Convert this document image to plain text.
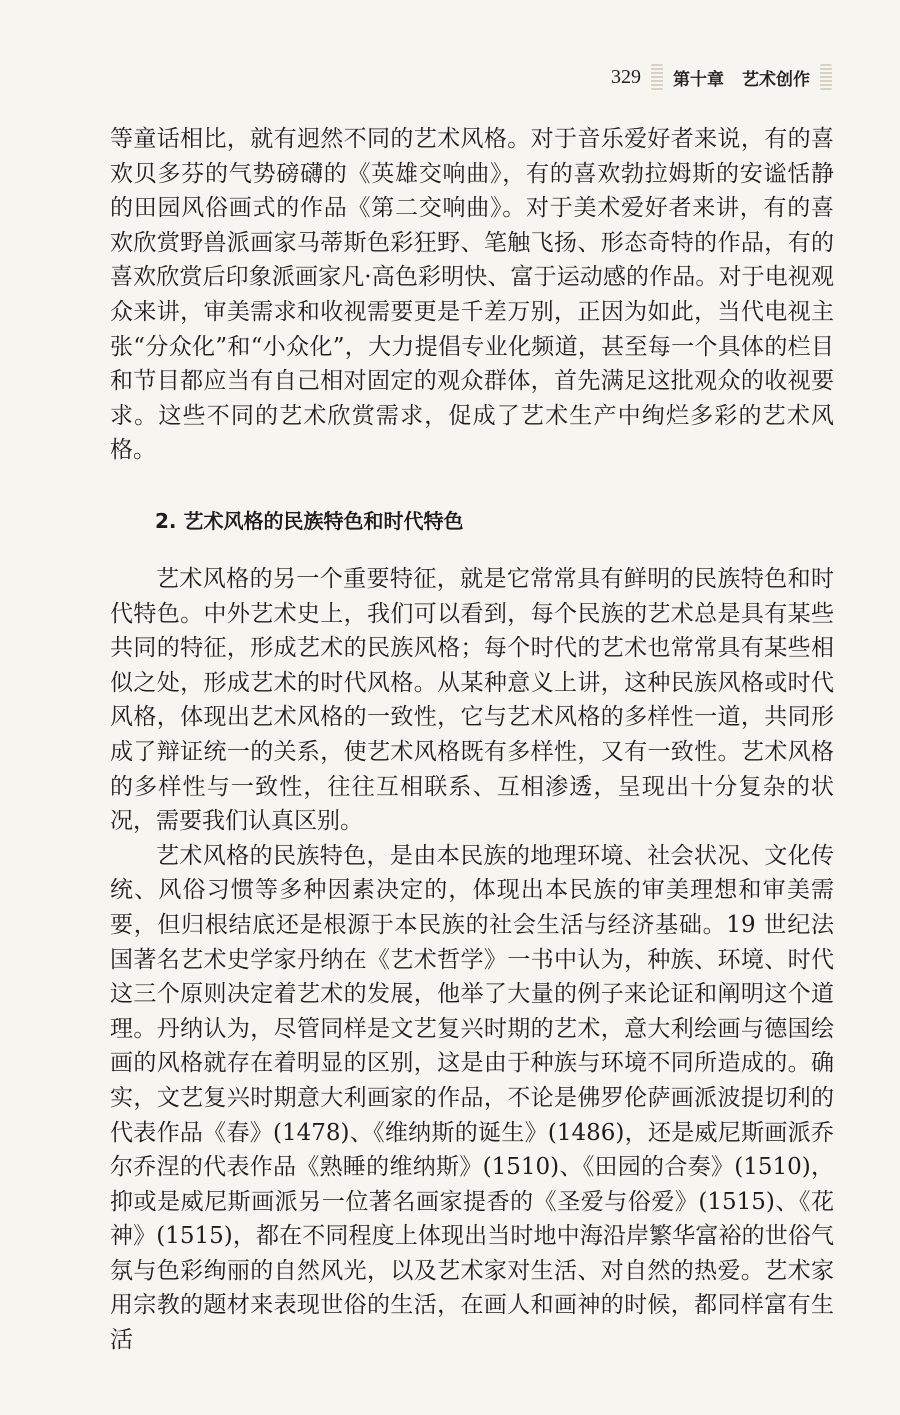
329 第十章 艺术创作

等童话相比，就有迥然不同的艺术风格。对于音乐爱好者来说，有的喜欢贝多芬的气势磅礴的《英雄交响曲》，有的喜欢勃拉姆斯的安谧恬静的田园风俗画式的作品《第二交响曲》。对于美术爱好者来讲，有的喜欢欣赏野兽派画家马蒂斯色彩狂野、笔触飞扬、形态奇特的作品，有的喜欢欣赏后印象派画家凡·高色彩明快、富于运动感的作品。对于电视观众来讲，审美需求和收视需要更是千差万别，正因为如此，当代电视主张“分众化”和“小众化”，大力提倡专业化频道，甚至每一个具体的栏目和节目都应当有自己相对固定的观众群体，首先满足这批观众的收视要求。这些不同的艺术欣赏需求，促成了艺术生产中绚烂多彩的艺术风格。

2. 艺术风格的民族特色和时代特色

艺术风格的另一个重要特征，就是它常常具有鲜明的民族特色和时代特色。中外艺术史上，我们可以看到，每个民族的艺术总是具有某些共同的特征，形成艺术的民族风格；每个时代的艺术也常常具有某些相似之处，形成艺术的时代风格。从某种意义上讲，这种民族风格或时代风格，体现出艺术风格的一致性，它与艺术风格的多样性一道，共同形成了辩证统一的关系，使艺术风格既有多样性，又有一致性。艺术风格的多样性与一致性，往往互相联系、互相渗透，呈现出十分复杂的状况，需要我们认真区别。

艺术风格的民族特色，是由本民族的地理环境、社会状况、文化传统、风俗习惯等多种因素决定的，体现出本民族的审美理想和审美需要，但归根结底还是根源于本民族的社会生活与经济基础。19 世纪法国著名艺术史学家丹纳在《艺术哲学》一书中认为，种族、环境、时代这三个原则决定着艺术的发展，他举了大量的例子来论证和阐明这个道理。丹纳认为，尽管同样是文艺复兴时期的艺术，意大利绘画与德国绘画的风格就存在着明显的区别，这是由于种族与环境不同所造成的。确实，文艺复兴时期意大利画家的作品，不论是佛罗伦萨画派波提切利的代表作品《春》(1478)、《维纳斯的诞生》(1486)，还是威尼斯画派乔尔乔涅的代表作品《熟睡的维纳斯》(1510)、《田园的合奏》(1510)，抑或是威尼斯画派另一位著名画家提香的《圣爱与俗爱》(1515)、《花神》(1515)，都在不同程度上体现出当时地中海沿岸繁华富裕的世俗气氛与色彩绚丽的自然风光，以及艺术家对生活、对自然的热爱。艺术家用宗教的题材来表现世俗的生活，在画人和画神的时候，都同样富有生活
